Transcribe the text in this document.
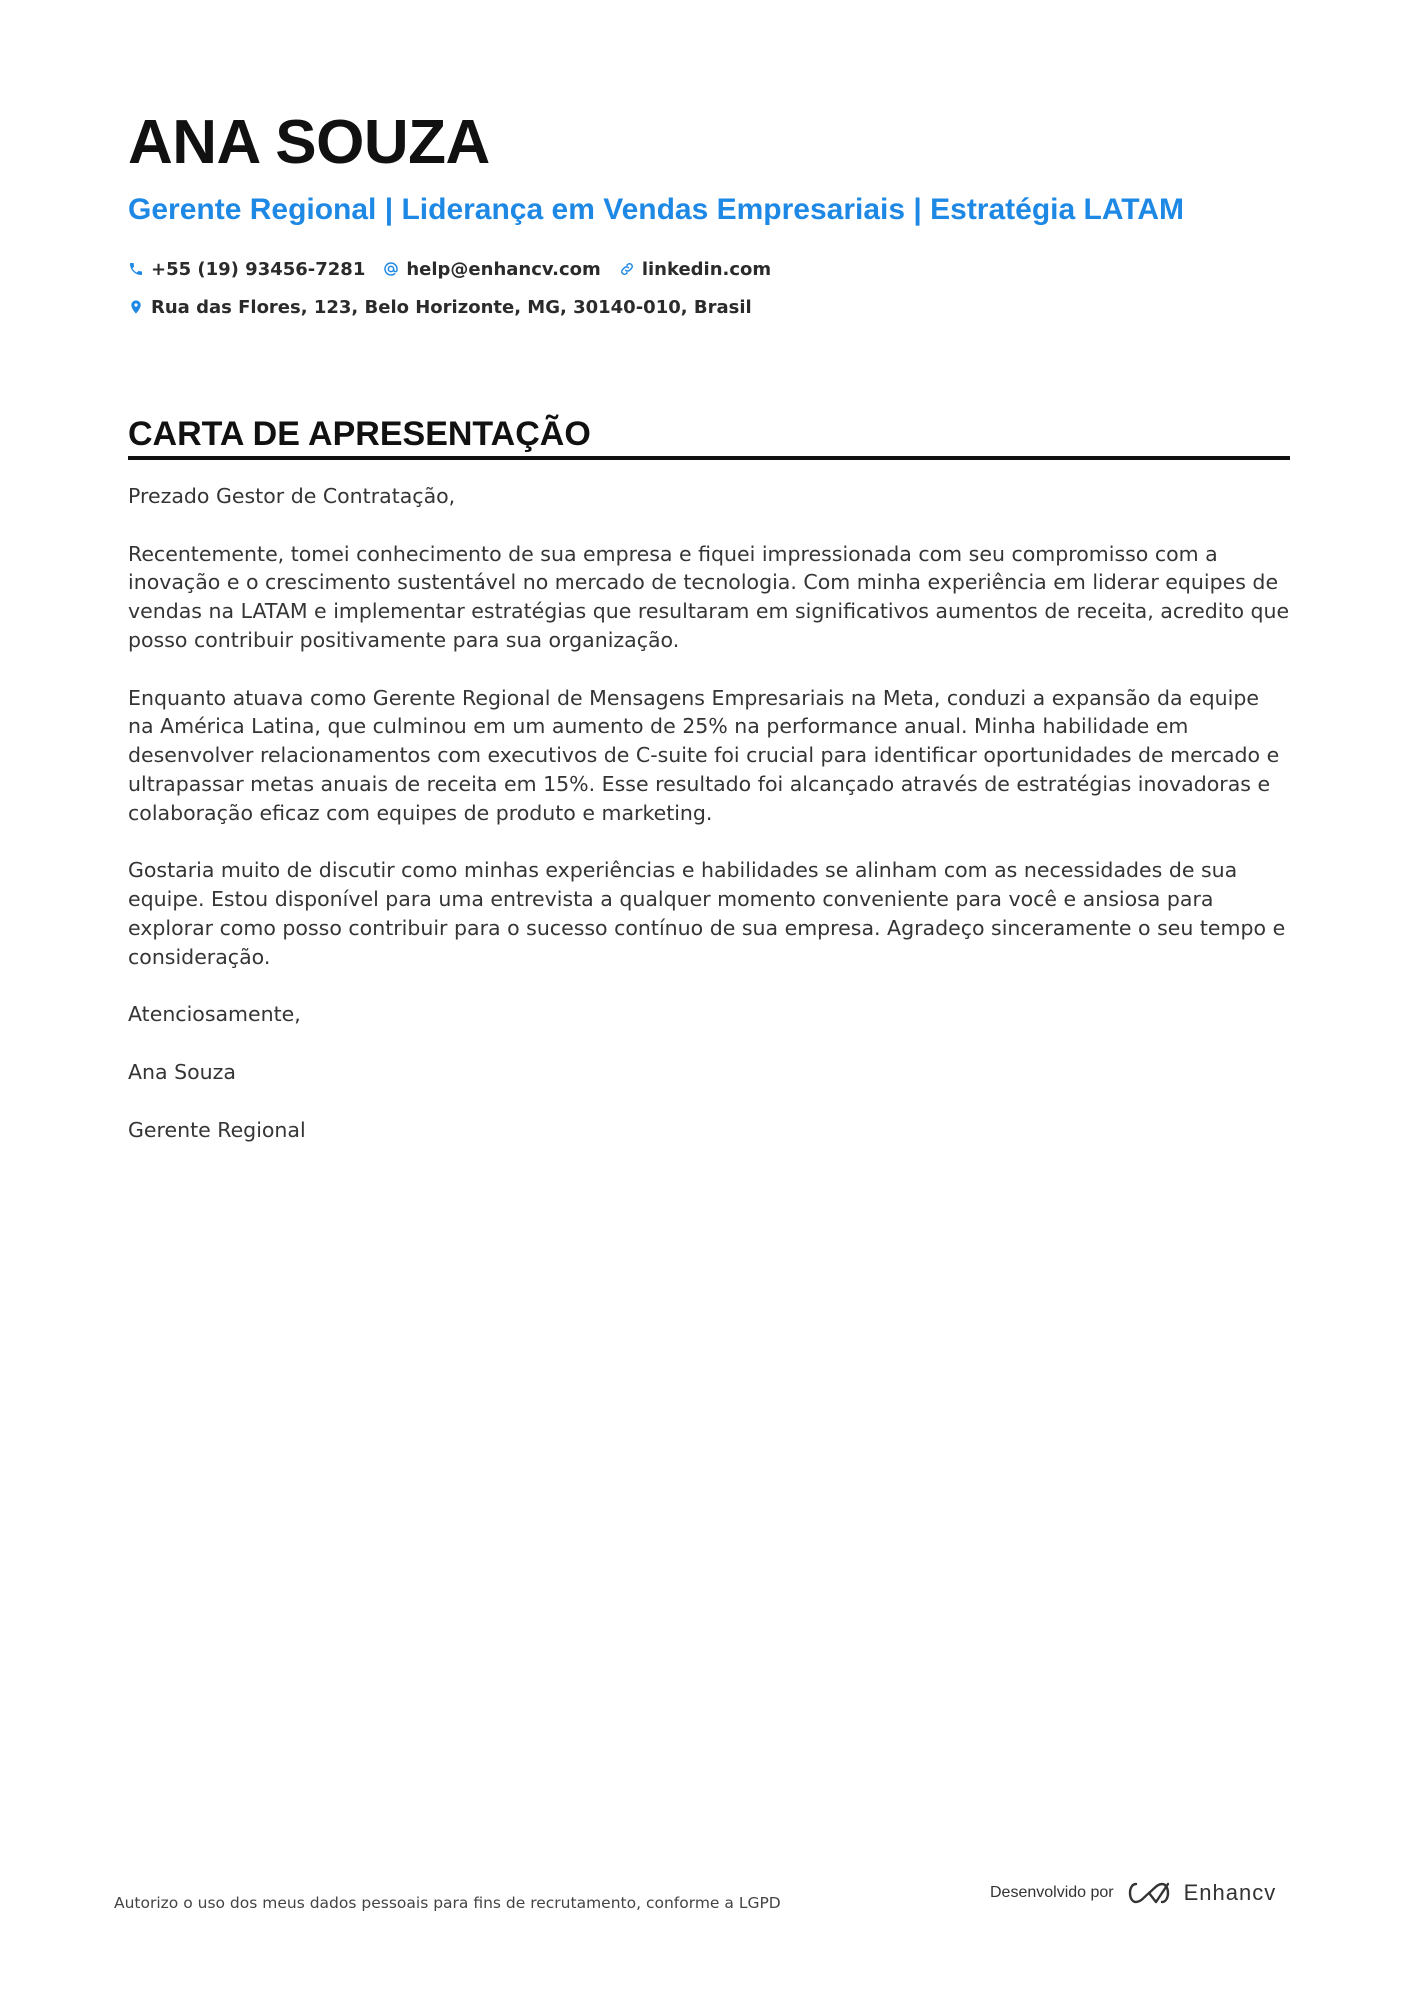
ANA SOUZA
Gerente Regional | Liderança em Vendas Empresariais | Estratégia LATAM
+55 (19) 93456-7281 help@enhancv.com linkedin.com
Rua das Flores, 123, Belo Horizonte, MG, 30140-010, Brasil
CARTA DE APRESENTAÇÃO

Prezado Gestor de Contratação,

Recentemente, tomei conhecimento de sua empresa e fiquei impressionada com seu compromisso com a inovação e o crescimento sustentável no mercado de tecnologia. Com minha experiência em liderar equipes de vendas na LATAM e implementar estratégias que resultaram em significativos aumentos de receita, acredito que posso contribuir positivamente para sua organização.

Enquanto atuava como Gerente Regional de Mensagens Empresariais na Meta, conduzi a expansão da equipe na América Latina, que culminou em um aumento de 25% na performance anual. Minha habilidade em desenvolver relacionamentos com executivos de C-suite foi crucial para identificar oportunidades de mercado e ultrapassar metas anuais de receita em 15%. Esse resultado foi alcançado através de estratégias inovadoras e colaboração eficaz com equipes de produto e marketing.

Gostaria muito de discutir como minhas experiências e habilidades se alinham com as necessidades de sua equipe. Estou disponível para uma entrevista a qualquer momento conveniente para você e ansiosa para explorar como posso contribuir para o sucesso contínuo de sua empresa. Agradeço sinceramente o seu tempo e consideração.

Atenciosamente,

Ana Souza

Gerente Regional

Autorizo o uso dos meus dados pessoais para fins de recrutamento, conforme a LGPD
Desenvolvido por	Enhancv
